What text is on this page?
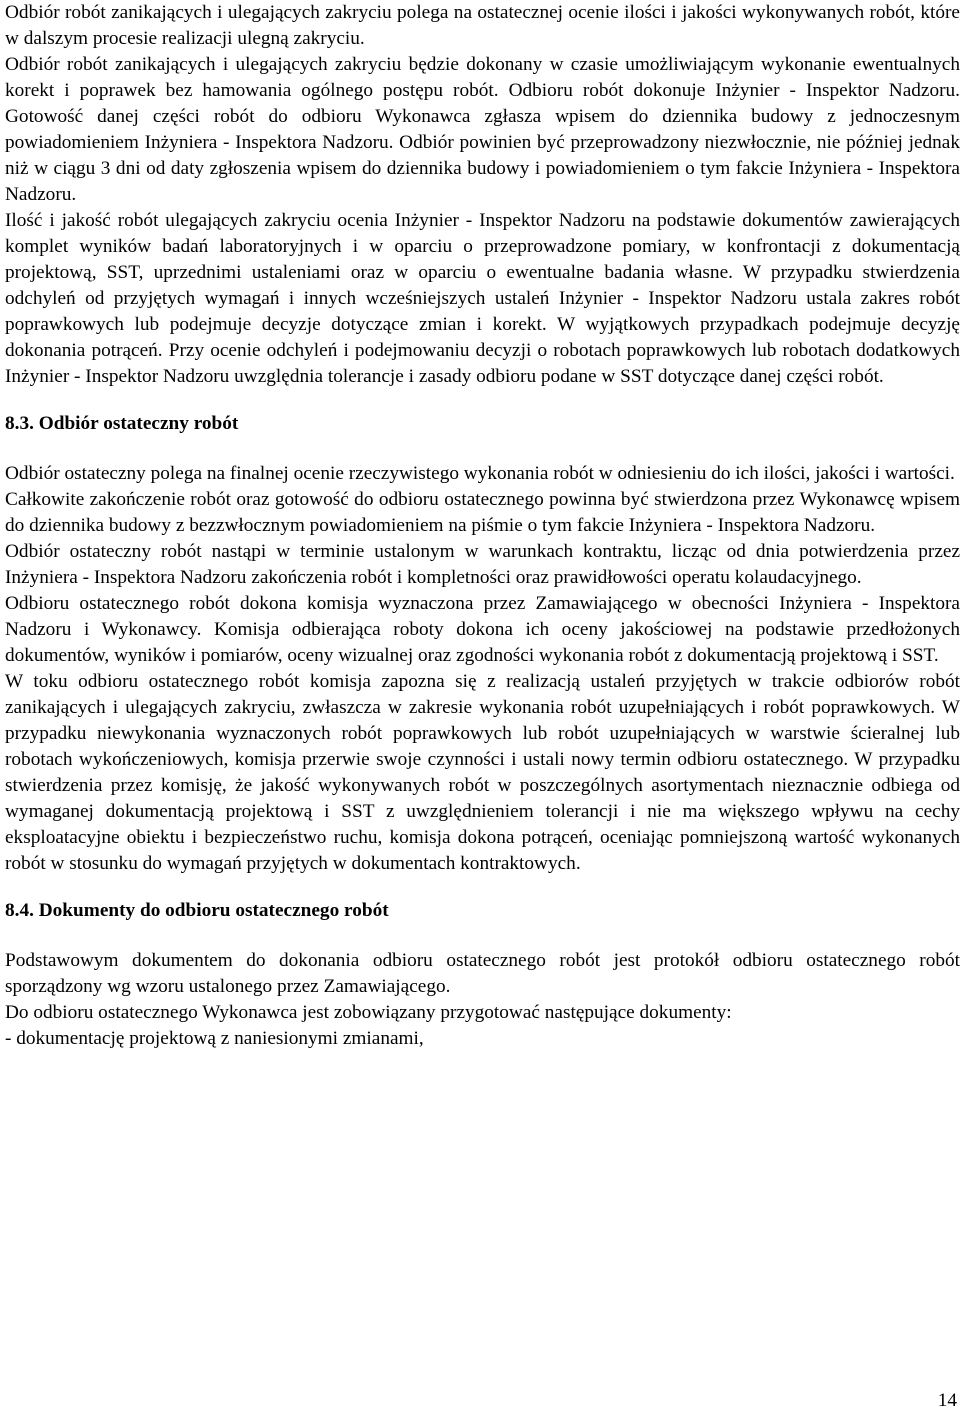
Odbiór robót zanikających i ulegających zakryciu polega na ostatecznej ocenie ilości i jakości wykonywanych robót, które w dalszym procesie realizacji ulegną zakryciu.

Odbiór robót zanikających i ulegających zakryciu będzie dokonany w czasie umożliwiającym wykonanie ewentualnych korekt i poprawek bez hamowania ogólnego postępu robót. Odbioru robót dokonuje Inżynier - Inspektor Nadzoru. Gotowość danej części robót do odbioru Wykonawca zgłasza wpisem do dziennika budowy z jednoczesnym powiadomieniem Inżyniera - Inspektora Nadzoru. Odbiór powinien być przeprowadzony niezwłocznie, nie później jednak niż w ciągu 3 dni od daty zgłoszenia wpisem do dziennika budowy i powiadomieniem o tym fakcie Inżyniera - Inspektora Nadzoru.

Ilość i jakość robót ulegających zakryciu ocenia Inżynier - Inspektor Nadzoru na podstawie dokumentów zawierających komplet wyników badań laboratoryjnych i w oparciu o przeprowadzone pomiary, w konfrontacji z dokumentacją projektową, SST, uprzednimi ustaleniami oraz w oparciu o ewentualne badania własne. W przypadku stwierdzenia odchyleń od przyjętych wymagań i innych wcześniejszych ustaleń Inżynier - Inspektor Nadzoru ustala zakres robót poprawkowych lub podejmuje decyzje dotyczące zmian i korekt. W wyjątkowych przypadkach podejmuje decyzję dokonania potrąceń. Przy ocenie odchyleń i podejmowaniu decyzji o robotach poprawkowych lub robotach dodatkowych Inżynier - Inspektor Nadzoru uwzględnia tolerancje i zasady odbioru podane w SST dotyczące danej części robót.

8.3. Odbiór ostateczny robót

Odbiór ostateczny polega na finalnej ocenie rzeczywistego wykonania robót w odniesieniu do ich ilości, jakości i wartości.

Całkowite zakończenie robót oraz gotowość do odbioru ostatecznego powinna być stwierdzona przez Wykonawcę wpisem do dziennika budowy z bezzwłocznym powiadomieniem na piśmie o tym fakcie Inżyniera - Inspektora Nadzoru.

Odbiór ostateczny robót nastąpi w terminie ustalonym w warunkach kontraktu, licząc od dnia potwierdzenia przez Inżyniera - Inspektora Nadzoru zakończenia robót i kompletności oraz prawidłowości operatu kolaudacyjnego.

Odbioru ostatecznego robót dokona komisja wyznaczona przez Zamawiającego w obecności Inżyniera - Inspektora Nadzoru i Wykonawcy. Komisja odbierająca roboty dokona ich oceny jakościowej na podstawie przedłożonych dokumentów, wyników i pomiarów, oceny wizualnej oraz zgodności wykonania robót z dokumentacją projektową i SST.

W toku odbioru ostatecznego robót komisja zapozna się z realizacją ustaleń przyjętych w trakcie odbiorów robót zanikających i ulegających zakryciu, zwłaszcza w zakresie wykonania robót uzupełniających i robót poprawkowych. W przypadku niewykonania wyznaczonych robót poprawkowych lub robót uzupełniających w warstwie ścieralnej lub robotach wykończeniowych, komisja przerwie swoje czynności i ustali nowy termin odbioru ostatecznego. W przypadku stwierdzenia przez komisję, że jakość wykonywanych robót w poszczególnych asortymentach nieznacznie odbiega od wymaganej dokumentacją projektową i SST z uwzględnieniem tolerancji i nie ma większego wpływu na cechy eksploatacyjne obiektu i bezpieczeństwo ruchu, komisja dokona potrąceń, oceniając pomniejszoną wartość wykonanych robót w stosunku do wymagań przyjętych w dokumentach kontraktowych.

8.4. Dokumenty do odbioru ostatecznego robót

Podstawowym dokumentem do dokonania odbioru ostatecznego robót jest protokół odbioru ostatecznego robót sporządzony wg wzoru ustalonego przez Zamawiającego.

Do odbioru ostatecznego Wykonawca jest zobowiązany przygotować następujące dokumenty:

- dokumentację projektową z naniesionymi zmianami,

14
